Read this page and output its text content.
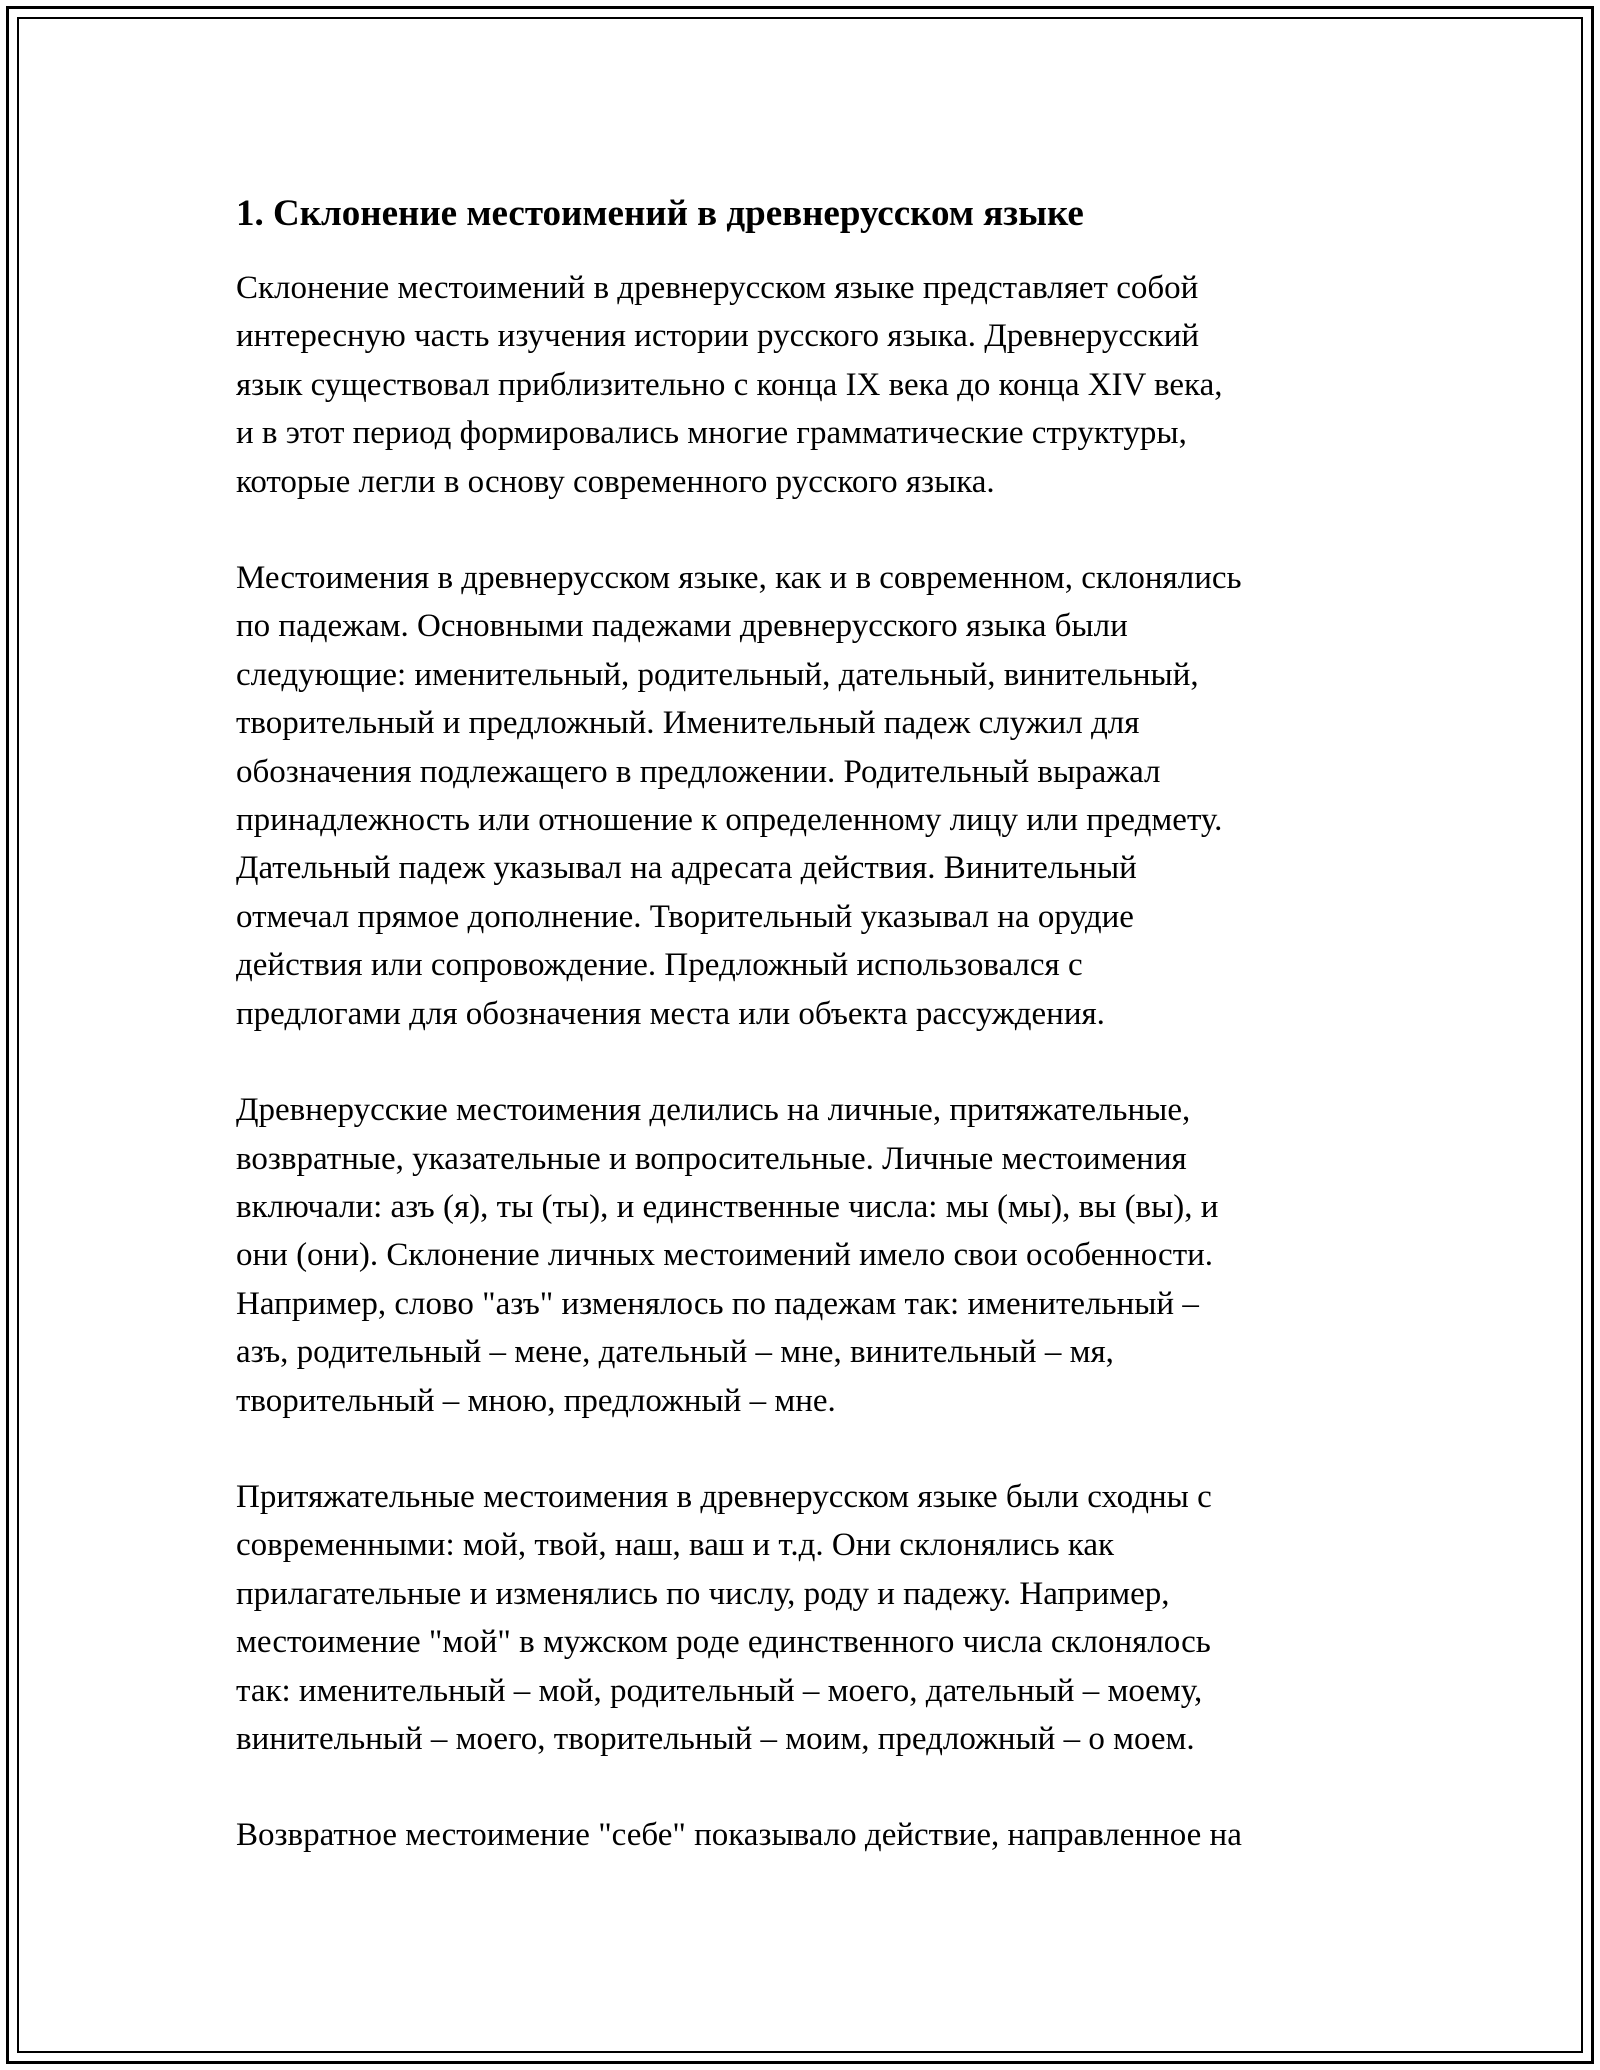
1. Склонение местоимений в древнерусском языке
Склонение местоимений в древнерусском языке представляет собой
интересную часть изучения истории русского языка. Древнерусский
язык существовал приблизительно с конца IX века до конца XIV века,
и в этот период формировались многие грамматические структуры,
которые легли в основу современного русского языка.
Местоимения в древнерусском языке, как и в современном, склонялись
по падежам. Основными падежами древнерусского языка были
следующие: именительный, родительный, дательный, винительный,
творительный и предложный. Именительный падеж служил для
обозначения подлежащего в предложении. Родительный выражал
принадлежность или отношение к определенному лицу или предмету.
Дательный падеж указывал на адресата действия. Винительный
отмечал прямое дополнение. Творительный указывал на орудие
действия или сопровождение. Предложный использовался с
предлогами для обозначения места или объекта рассуждения.
Древнерусские местоимения делились на личные, притяжательные,
возвратные, указательные и вопросительные. Личные местоимения
включали: азъ (я), ты (ты), и единственные числа: мы (мы), вы (вы), и
они (они). Склонение личных местоимений имело свои особенности.
Например, слово "азъ" изменялось по падежам так: именительный –
азъ, родительный – мене, дательный – мне, винительный – мя,
творительный – мною, предложный – мне.
Притяжательные местоимения в древнерусском языке были сходны с
современными: мой, твой, наш, ваш и т.д. Они склонялись как
прилагательные и изменялись по числу, роду и падежу. Например,
местоимение "мой" в мужском роде единственного числа склонялось
так: именительный – мой, родительный – моего, дательный – моему,
винительный – моего, творительный – моим, предложный – о моем.
Возвратное местоимение "себе" показывало действие, направленное на
